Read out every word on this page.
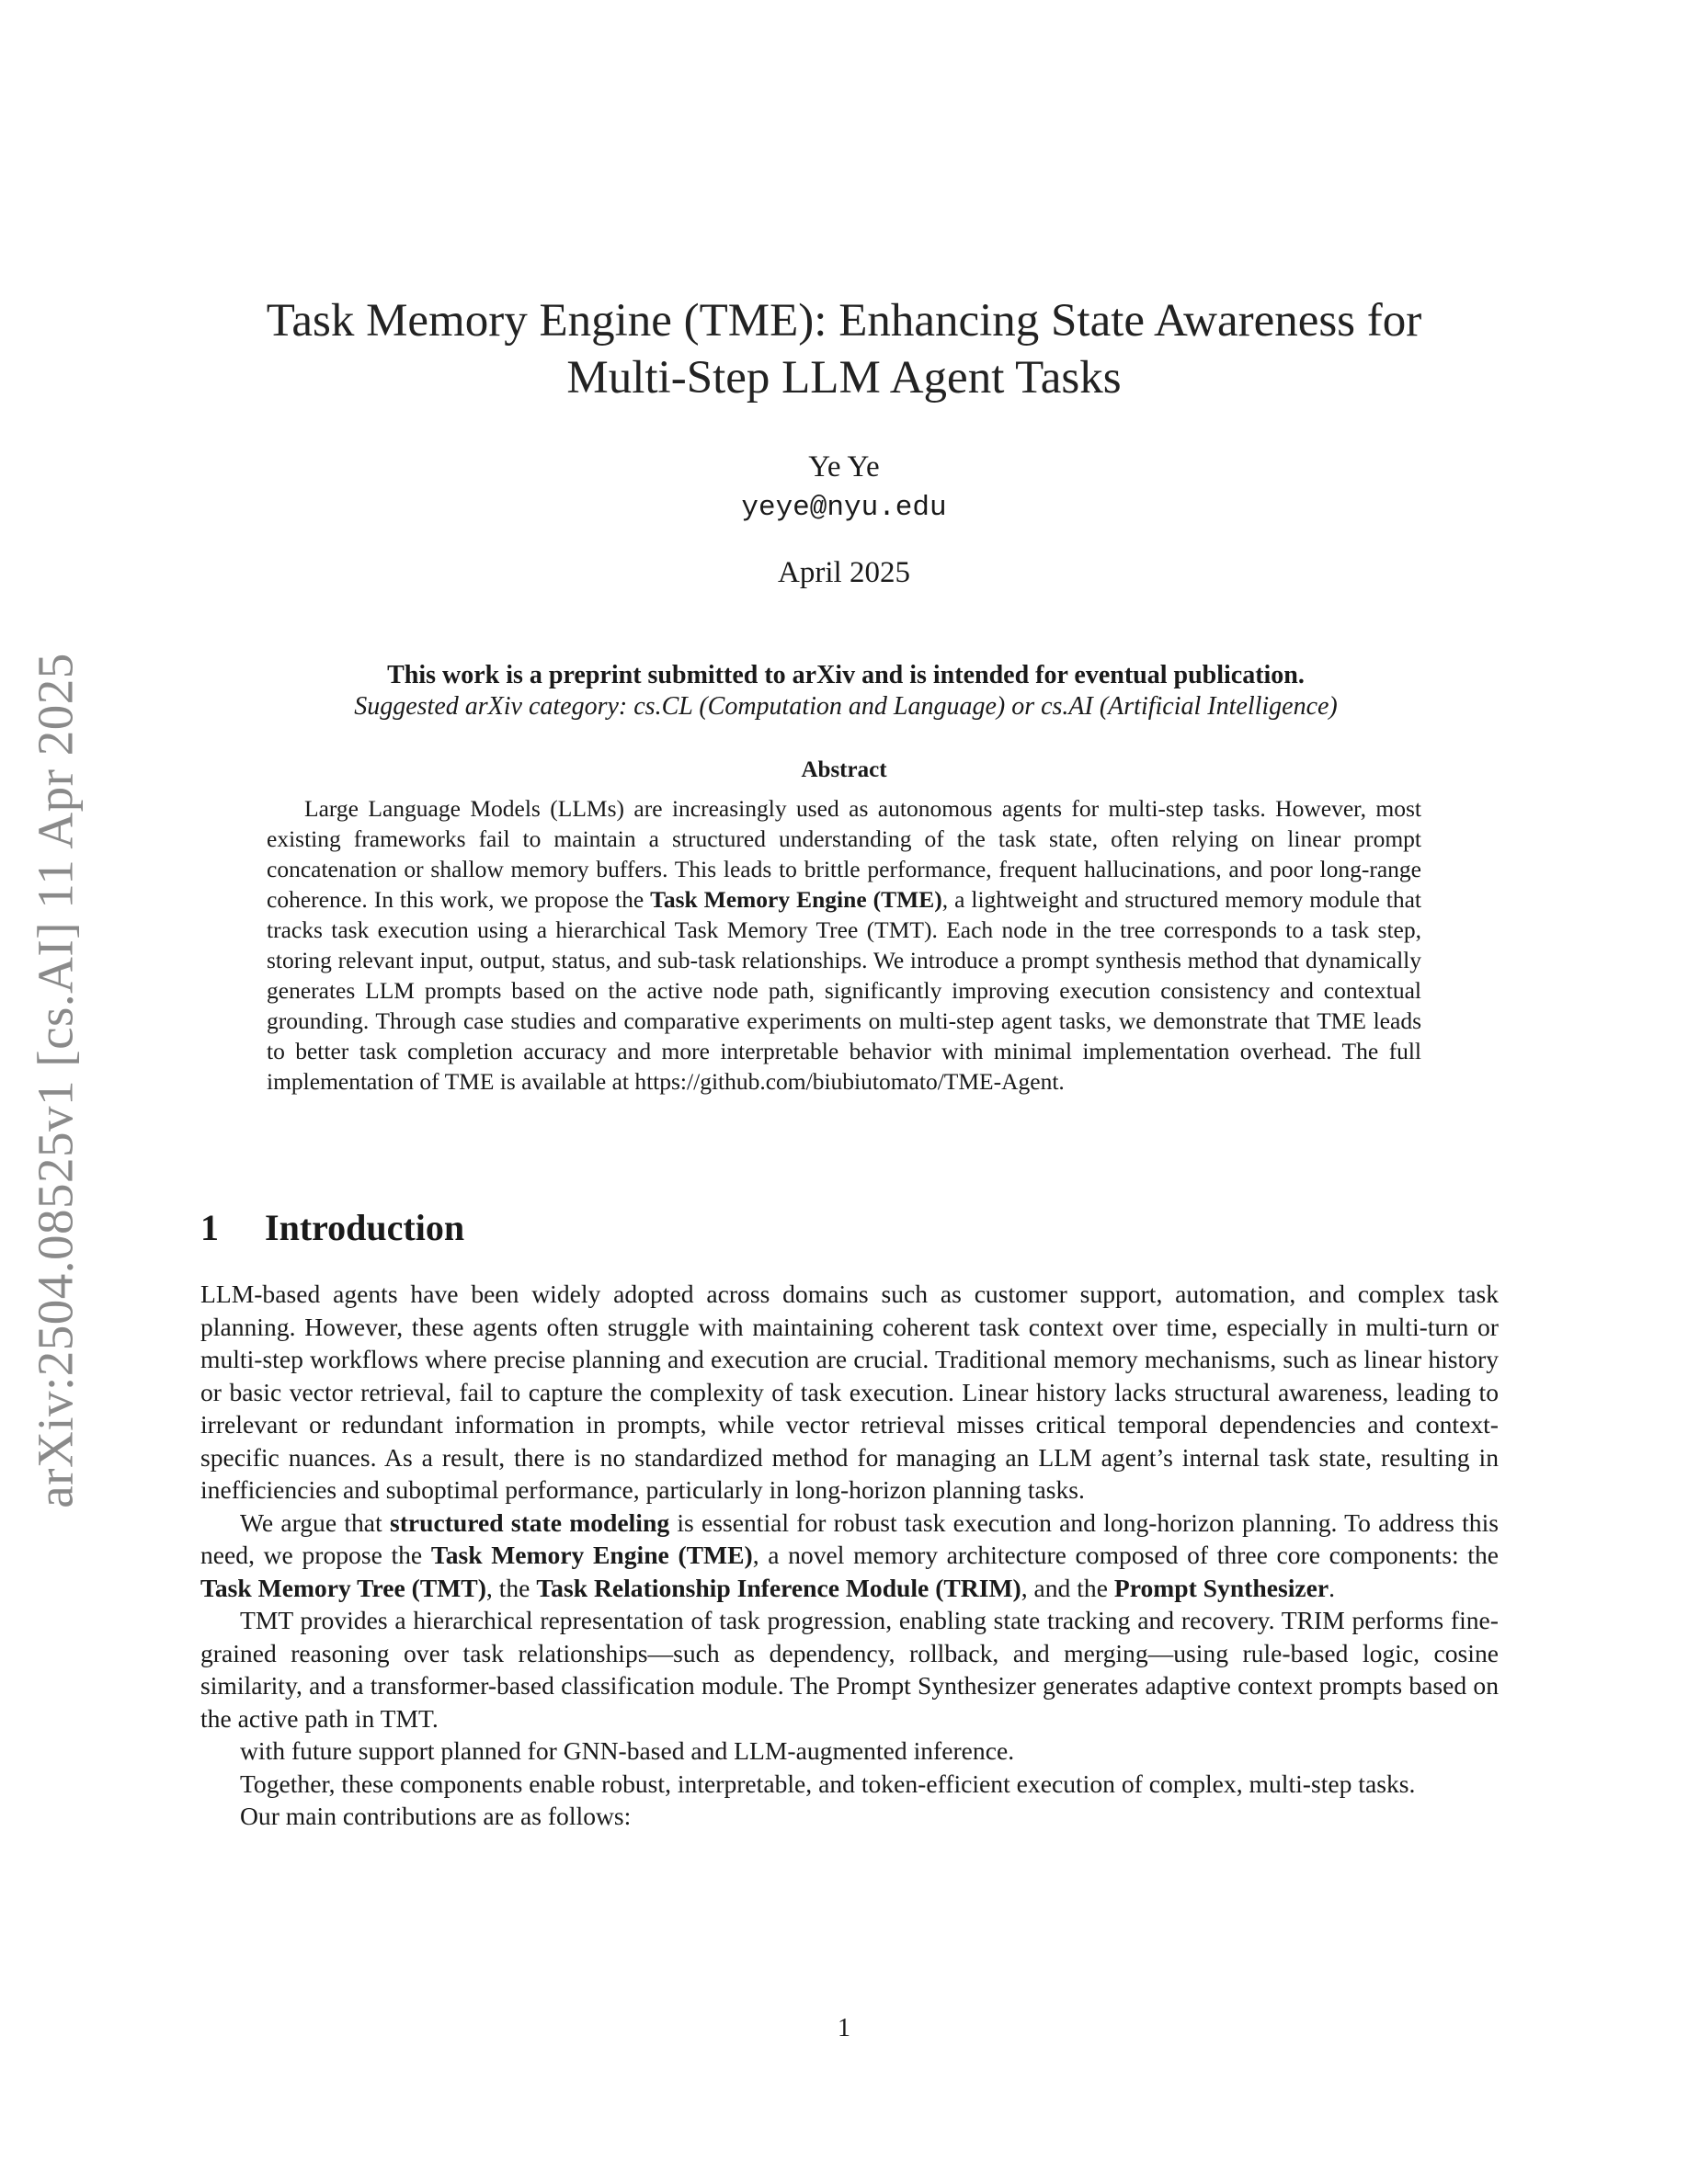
arXiv:2504.08525v1 [cs.AI] 11 Apr 2025
Task Memory Engine (TME): Enhancing State Awareness for
Multi-Step LLM Agent Tasks
Ye Ye
yeye@nyu.edu
April 2025
This work is a preprint submitted to arXiv and is intended for eventual publication.
Suggested arXiv category: cs.CL (Computation and Language) or cs.AI (Artificial Intelligence)
Abstract

Large Language Models (LLMs) are increasingly used as autonomous agents for multi-step tasks. However, most existing frameworks fail to maintain a structured understanding of the task state, often relying on linear prompt concatenation or shallow memory buffers. This leads to brittle performance, frequent hallucinations, and poor long-range coherence. In this work, we propose the Task Memory Engine (TME), a lightweight and structured memory module that tracks task execution using a hierarchical Task Memory Tree (TMT). Each node in the tree corresponds to a task step, storing relevant input, output, status, and sub-task relationships. We introduce a prompt synthesis method that dynamically generates LLM prompts based on the active node path, significantly improving execution consistency and contextual grounding. Through case studies and comparative experiments on multi-step agent tasks, we demonstrate that TME leads to better task completion accuracy and more interpretable behavior with minimal implementation overhead. The full implementation of TME is available at https://github.com/biubiutomato/TME-Agent.

1 Introduction

LLM-based agents have been widely adopted across domains such as customer support, automation, and complex task planning. However, these agents often struggle with maintaining coherent task context over time, especially in multi-turn or multi-step workflows where precise planning and execution are crucial. Traditional memory mechanisms, such as linear history or basic vector retrieval, fail to capture the complexity of task execution. Linear history lacks structural awareness, leading to irrelevant or redundant information in prompts, while vector retrieval misses critical temporal dependencies and context-specific nuances. As a result, there is no standardized method for managing an LLM agent’s internal task state, resulting in inefficiencies and suboptimal performance, particularly in long-horizon planning tasks.

We argue that structured state modeling is essential for robust task execution and long-horizon planning. To address this need, we propose the Task Memory Engine (TME), a novel memory architecture composed of three core components: the Task Memory Tree (TMT), the Task Relationship Inference Module (TRIM), and the Prompt Synthesizer.

TMT provides a hierarchical representation of task progression, enabling state tracking and recovery. TRIM performs fine-grained reasoning over task relationships—such as dependency, rollback, and merging—using rule-based logic, cosine similarity, and a transformer-based classification module. The Prompt Synthesizer generates adaptive context prompts based on the active path in TMT.

with future support planned for GNN-based and LLM-augmented inference.

Together, these components enable robust, interpretable, and token-efficient execution of complex, multi-step tasks.

Our main contributions are as follows:

1
